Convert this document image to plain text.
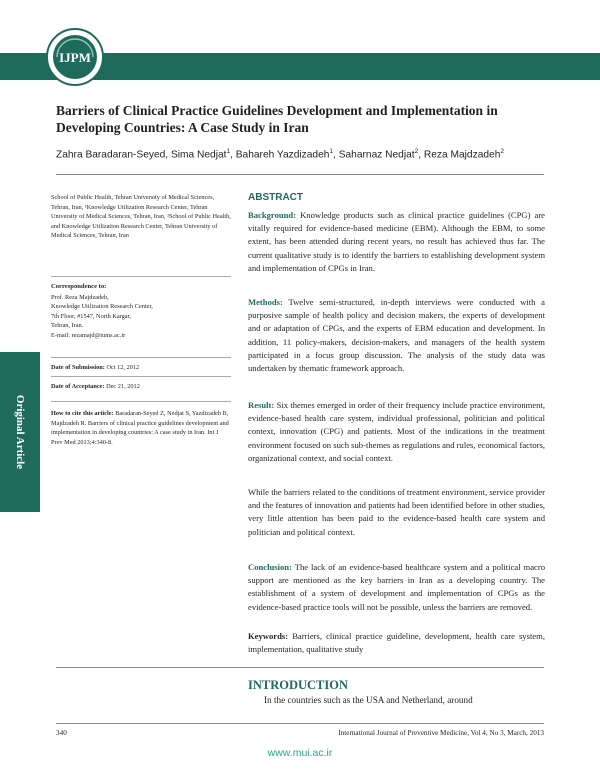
www.ijpm.ir
IJPM
Barriers of Clinical Practice Guidelines Development and Implementation in Developing Countries: A Case Study in Iran
Zahra Baradaran-Seyed, Sima Nedjat$^1$, Bahareh Yazdizadeh$^1$, Saharnaz Nedjat$^2$, Reza Majdzadeh$^2$
Original Article
School of Public Health, Tehran University of Medical Sciences, Tehran, Iran, ¹Knowledge Utilization Research Center, Tehran University of Medical Sciences, Tehran, Iran, ²School of Public Health, and Knowledge Utilization Research Center, Tehran University of Medical Sciences, Tehran, Iran
Correspondence to:
Prof. Reza Majdzadeh,
Knowledge Utilization Research Center,
7th Floor, #1547, North Kargar,
Tehran, Iran.
E-mail: rezamajd@tums.ac.ir
Date of Submission: Oct 12, 2012
Date of Acceptance: Dec 21, 2012
How to cite this article: Baradaran-Seyed Z, Nedjat S, Yazdizadeh B, Majdzadeh R. Barriers of clinical practice guidelines development and implementation in developing countries: A case study in Iran. Int J Prev Med 2013;4:340-8.
ABSTRACT
Background: Knowledge products such as clinical practice guidelines (CPG) are vitally required for evidence-based medicine (EBM). Although the EBM, to some extent, has been attended during recent years, no result has achieved thus far. The current qualitative study is to identify the barriers to establishing development system and implementation of CPGs in Iran.
Methods: Twelve semi-structured, in-depth interviews were conducted with a purposive sample of health policy and decision makers, the experts of development and or adaptation of CPGs, and the experts of EBM education and development. In addition, 11 policy-makers, decision-makers, and managers of the health system participated in a focus group discussion. The analysis of the study data was undertaken by thematic framework approach.
Result: Six themes emerged in order of their frequency include practice environment, evidence-based health care system, individual professional, politician and political context, innovation (CPG) and patients. Most of the indications in the treatment environment focused on such sub-themes as regulations and rules, economical factors, organizational context, and social context.
While the barriers related to the conditions of treatment environment, service provider and the features of innovation and patients had been identified before in other studies, very little attention has been paid to the evidence-based health care system and politician and political context.
Conclusion: The lack of an evidence-based healthcare system and a political macro support are mentioned as the key barriers in Iran as a developing country. The establishment of a system of development and implementation of CPGs as the evidence-based practice tools will not be possible, unless the barriers are removed.
Keywords: Barriers, clinical practice guideline, development, health care system, implementation, qualitative study
INTRODUCTION
In the countries such as the USA and Netherland, around
340	International Journal of Preventive Medicine, Vol 4, No 3, March, 2013
www.mui.ac.ir
